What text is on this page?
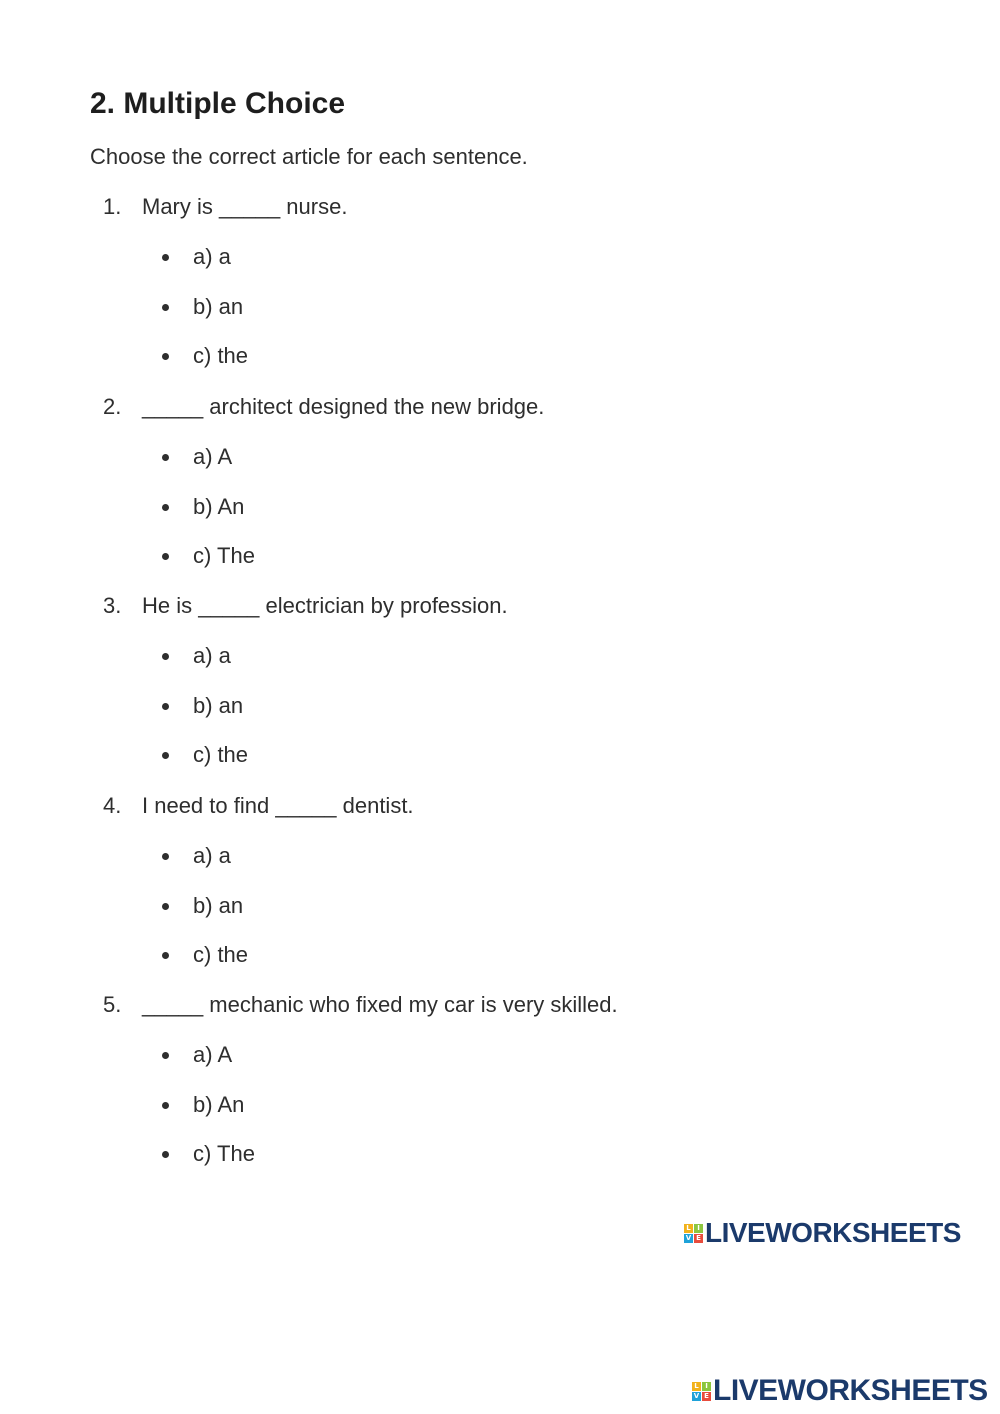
2. Multiple Choice
Choose the correct article for each sentence.
1. Mary is _____ nurse.
a) a
b) an
c) the
2. _____ architect designed the new bridge.
a) A
b) An
c) The
3. He is _____ electrician by profession.
a) a
b) an
c) the
4. I need to find _____ dentist.
a) a
b) an
c) the
5. _____ mechanic who fixed my car is very skilled.
a) A
b) An
c) The
L I
V E LIVEWORKSHEETS
L I
V E LIVEWORKSHEETS
